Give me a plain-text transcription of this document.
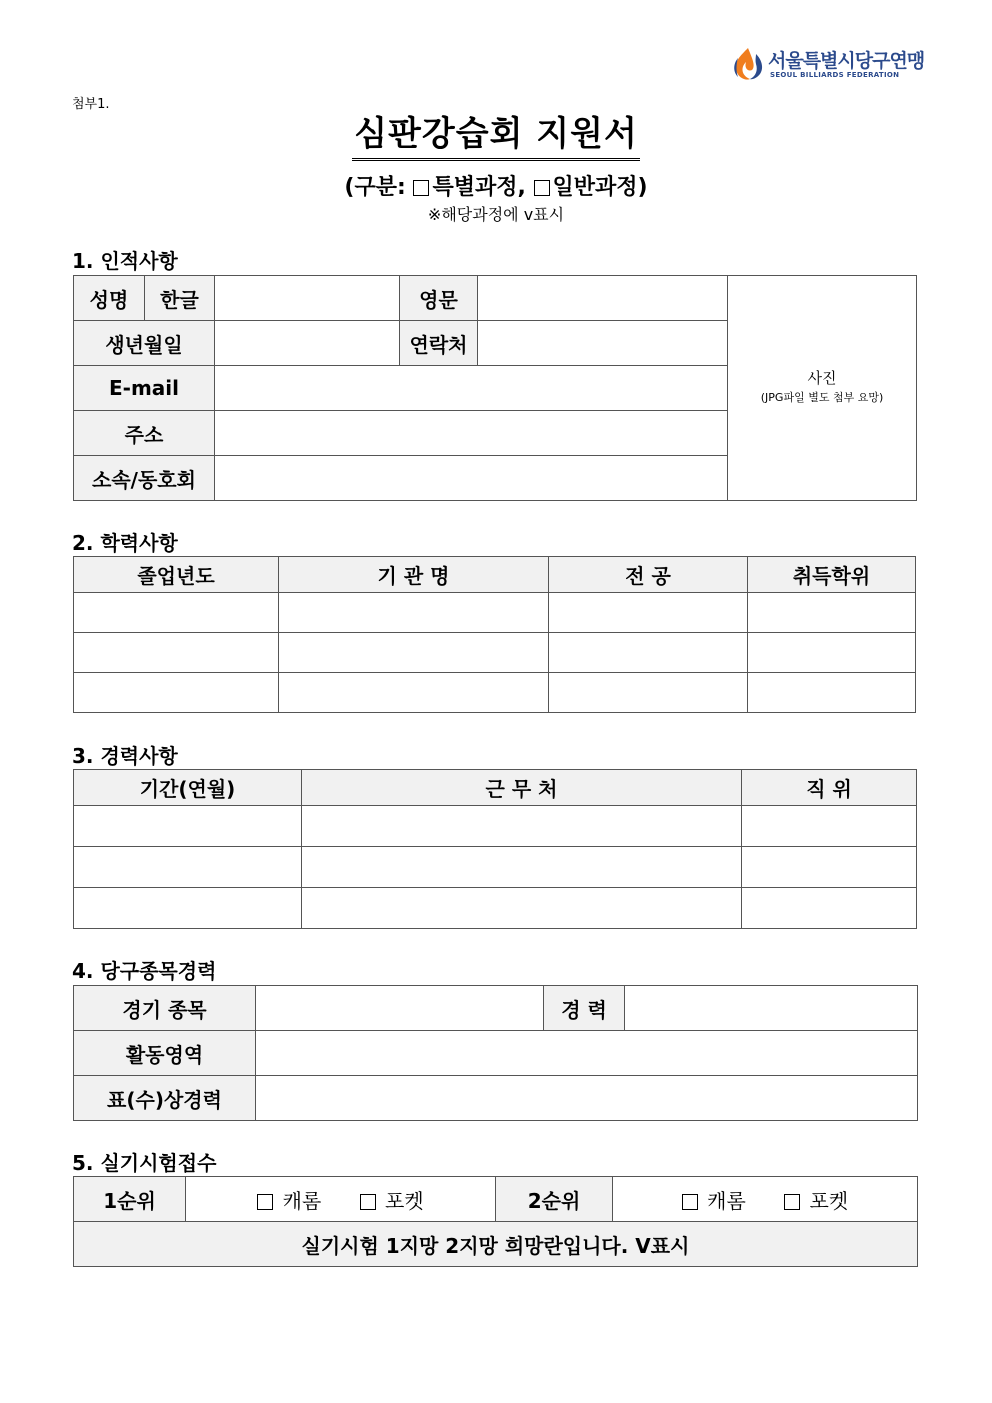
서울특별시당구연맹
SEOUL BILLIARDS FEDERATION
첨부1.
심판강습회 지원서
(구분: 특별과정, 일반과정)
※해당과정에 v표시
1. 인적사항
성명	한글		영문		사진
(JPG파일 별도 첨부 요망)

생년월일			연락처		
E-mail					
주소					
소속/동호회					
2. 학력사항
졸업년도	기 관 명	전 공	취득학위

3. 경력사항
기간(연월)	근 무 처	직 위

4. 당구종목경력
경기 종목		경 력	
활동영역			
표(수)상경력			
5. 실기시험접수
1순위	캐롬	포켓	2순위	캐롬	포켓
실기시험 1지망 2지망 희망란입니다. V표시
